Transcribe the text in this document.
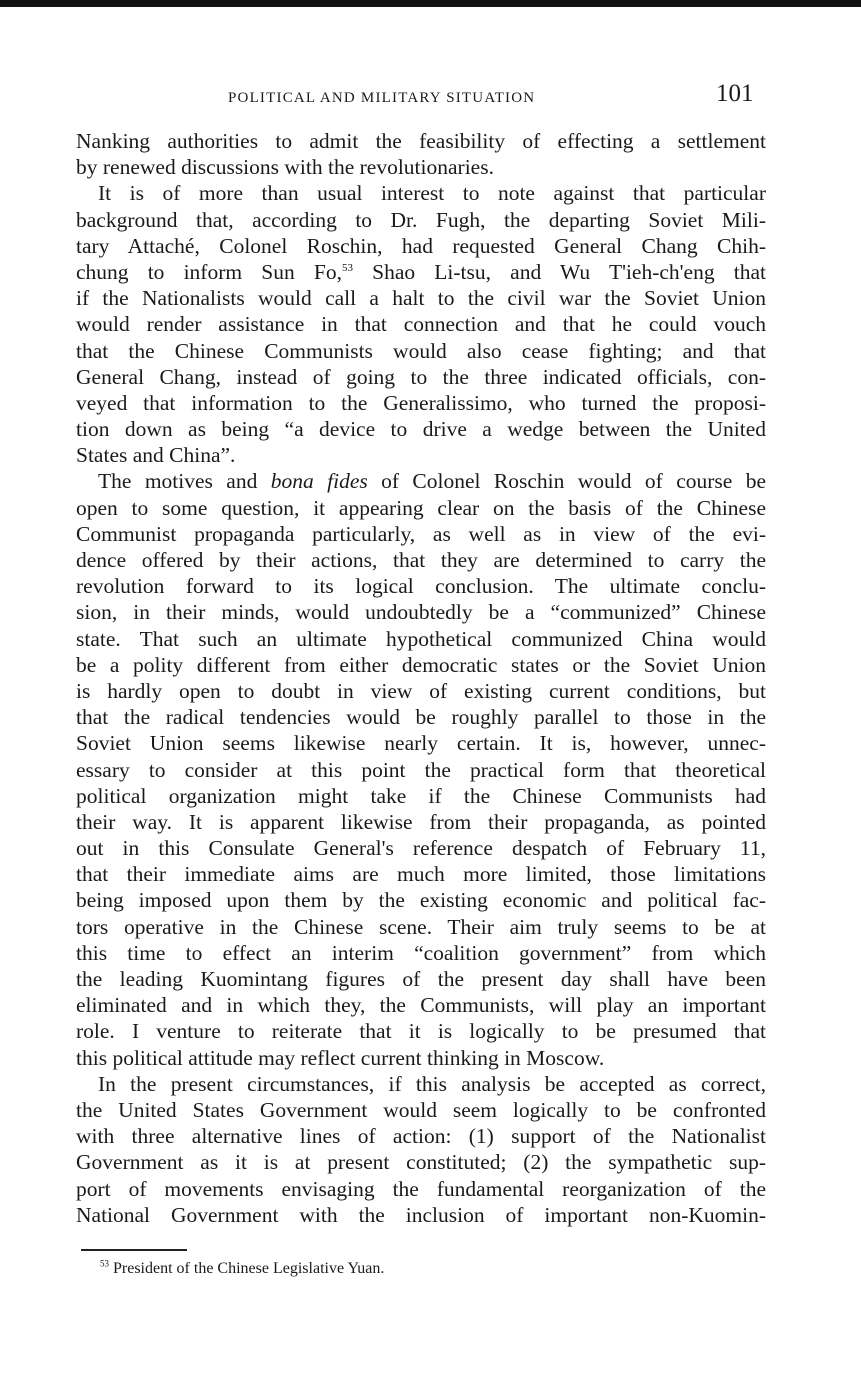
POLITICAL AND MILITARY SITUATION	101
Nanking authorities to admit the feasibility of effecting a settlement
by renewed discussions with the revolutionaries.
It is of more than usual interest to note against that particular
background that, according to Dr. Fugh, the departing Soviet Mili-
tary Attaché, Colonel Roschin, had requested General Chang Chih-
chung to inform Sun Fo,$^{53}$ Shao Li-tsu, and Wu T'ieh-ch'eng that
if the Nationalists would call a halt to the civil war the Soviet Union
would render assistance in that connection and that he could vouch
that the Chinese Communists would also cease fighting; and that
General Chang, instead of going to the three indicated officials, con-
veyed that information to the Generalissimo, who turned the proposi-
tion down as being “a device to drive a wedge between the United
States and China”.
The motives and bona fides of Colonel Roschin would of course be
open to some question, it appearing clear on the basis of the Chinese
Communist propaganda particularly, as well as in view of the evi-
dence offered by their actions, that they are determined to carry the
revolution forward to its logical conclusion. The ultimate conclu-
sion, in their minds, would undoubtedly be a “communized” Chinese
state. That such an ultimate hypothetical communized China would
be a polity different from either democratic states or the Soviet Union
is hardly open to doubt in view of existing current conditions, but
that the radical tendencies would be roughly parallel to those in the
Soviet Union seems likewise nearly certain. It is, however, unnec-
essary to consider at this point the practical form that theoretical
political organization might take if the Chinese Communists had
their way. It is apparent likewise from their propaganda, as pointed
out in this Consulate General's reference despatch of February 11,
that their immediate aims are much more limited, those limitations
being imposed upon them by the existing economic and political fac-
tors operative in the Chinese scene. Their aim truly seems to be at
this time to effect an interim “coalition government” from which
the leading Kuomintang figures of the present day shall have been
eliminated and in which they, the Communists, will play an important
role. I venture to reiterate that it is logically to be presumed that
this political attitude may reflect current thinking in Moscow.
In the present circumstances, if this analysis be accepted as correct,
the United States Government would seem logically to be confronted
with three alternative lines of action: (1) support of the Nationalist
Government as it is at present constituted; (2) the sympathetic sup-
port of movements envisaging the fundamental reorganization of the
National Government with the inclusion of important non-Kuomin-
$^{53}$ President of the Chinese Legislative Yuan.
